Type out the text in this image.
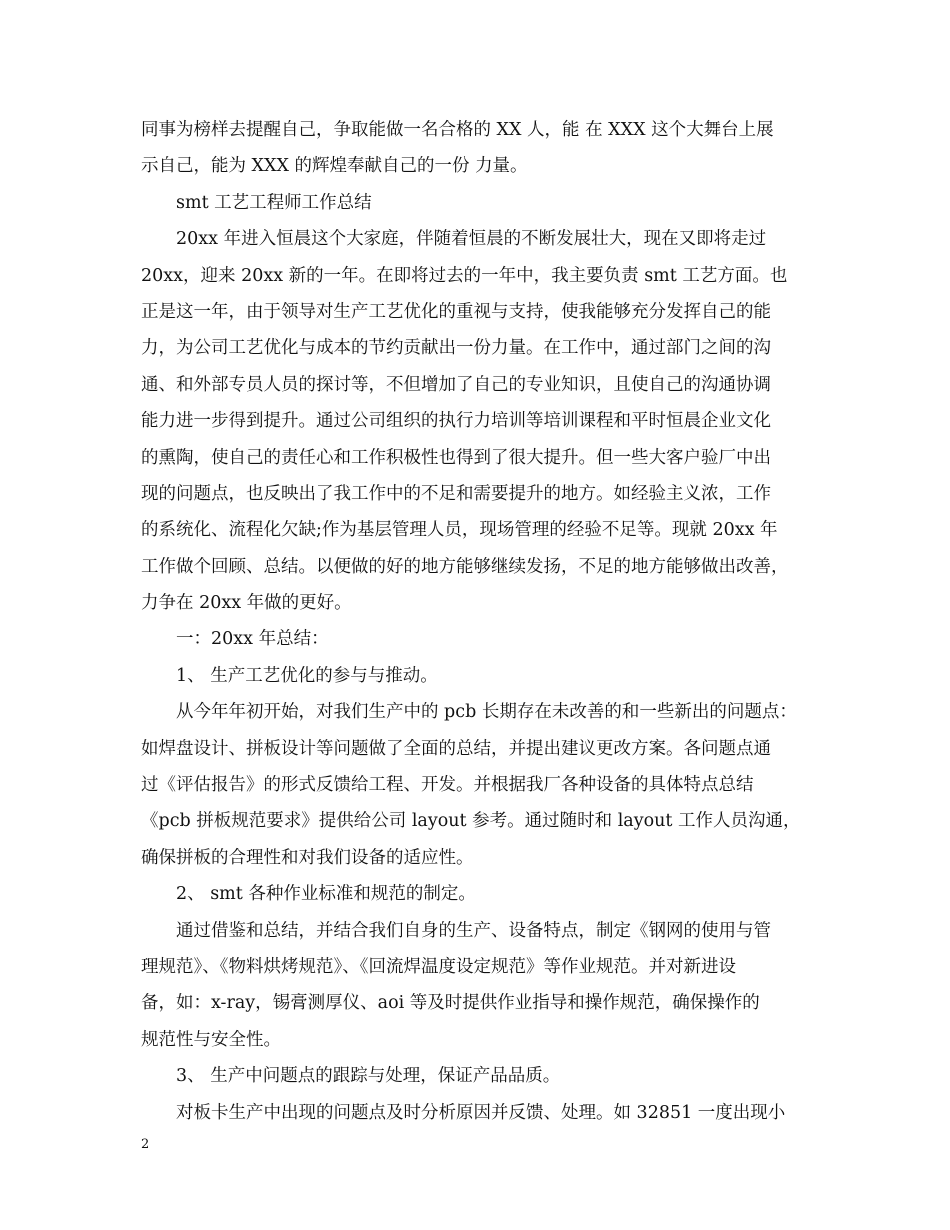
同事为榜样去提醒自己，争取能做一名合格的 XX 人，能 在 XXX 这个大舞台上展
示自己，能为 XXX 的辉煌奉献自己的一份 力量。
smt 工艺工程师工作总结
20xx 年进入恒晨这个大家庭，伴随着恒晨的不断发展壮大，现在又即将走过
20xx，迎来 20xx 新的一年。在即将过去的一年中，我主要负责 smt 工艺方面。也
正是这一年，由于领导对生产工艺优化的重视与支持，使我能够充分发挥自己的能
力，为公司工艺优化与成本的节约贡献出一份力量。在工作中，通过部门之间的沟
通、和外部专员人员的探讨等，不但增加了自己的专业知识，且使自己的沟通协调
能力进一步得到提升。通过公司组织的执行力培训等培训课程和平时恒晨企业文化
的熏陶，使自己的责任心和工作积极性也得到了很大提升。但一些大客户验厂中出
现的问题点，也反映出了我工作中的不足和需要提升的地方。如经验主义浓，工作
的系统化、流程化欠缺;作为基层管理人员，现场管理的经验不足等。现就 20xx 年
工作做个回顾、总结。以便做的好的地方能够继续发扬，不足的地方能够做出改善，
力争在 20xx 年做的更好。
一：20xx 年总结：
1、 生产工艺优化的参与与推动。
从今年年初开始，对我们生产中的 pcb 长期存在未改善的和一些新出的问题点：
如焊盘设计、拼板设计等问题做了全面的总结，并提出建议更改方案。各问题点通
过《评估报告》的形式反馈给工程、开发。并根据我厂各种设备的具体特点总结
《pcb 拼板规范要求》提供给公司 layout 参考。通过随时和 layout 工作人员沟通，
确保拼板的合理性和对我们设备的适应性。
2、 smt 各种作业标准和规范的制定。
通过借鉴和总结，并结合我们自身的生产、设备特点，制定《钢网的使用与管
理规范》、《物料烘烤规范》、《回流焊温度设定规范》等作业规范。并对新进设
备，如：x-ray，锡膏测厚仪、aoi 等及时提供作业指导和操作规范，确保操作的
规范性与安全性。
3、 生产中问题点的跟踪与处理，保证产品品质。
对板卡生产中出现的问题点及时分析原因并反馈、处理。如 32851 一度出现小
2
